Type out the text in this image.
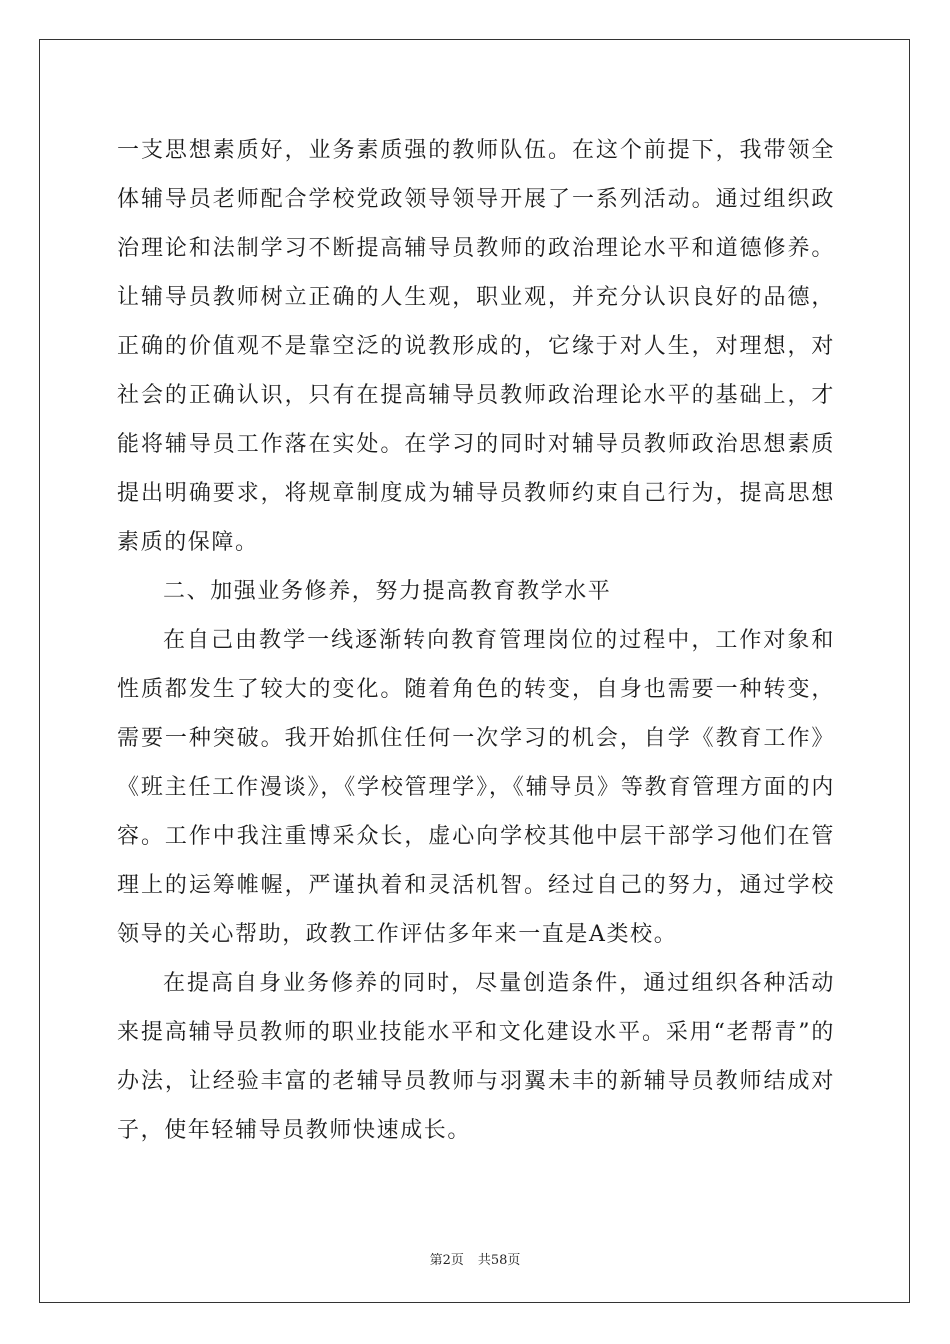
一支思想素质好，业务素质强的教师队伍。在这个前提下，我带领全体辅导员老师配合学校党政领导领导开展了一系列活动。通过组织政治理论和法制学习不断提高辅导员教师的政治理论水平和道德修养。让辅导员教师树立正确的人生观，职业观，并充分认识良好的品德，正确的价值观不是靠空泛的说教形成的，它缘于对人生，对理想，对社会的正确认识，只有在提高辅导员教师政治理论水平的基础上，才能将辅导员工作落在实处。在学习的同时对辅导员教师政治思想素质提出明确要求，将规章制度成为辅导员教师约束自己行为，提高思想素质的保障。

二、加强业务修养，努力提高教育教学水平

在自己由教学一线逐渐转向教育管理岗位的过程中，工作对象和性质都发生了较大的变化。随着角色的转变，自身也需要一种转变，需要一种突破。我开始抓住任何一次学习的机会，自学《教育工作》《班主任工作漫谈》，《学校管理学》，《辅导员》等教育管理方面的内容。工作中我注重博采众长，虚心向学校其他中层干部学习他们在管理上的运筹帷幄，严谨执着和灵活机智。经过自己的努力，通过学校领导的关心帮助，政教工作评估多年来一直是A类校。

在提高自身业务修养的同时，尽量创造条件，通过组织各种活动来提高辅导员教师的职业技能水平和文化建设水平。采用“老帮青”的办法，让经验丰富的老辅导员教师与羽翼未丰的新辅导员教师结成对子，使年轻辅导员教师快速成长。

第2页 共58页
